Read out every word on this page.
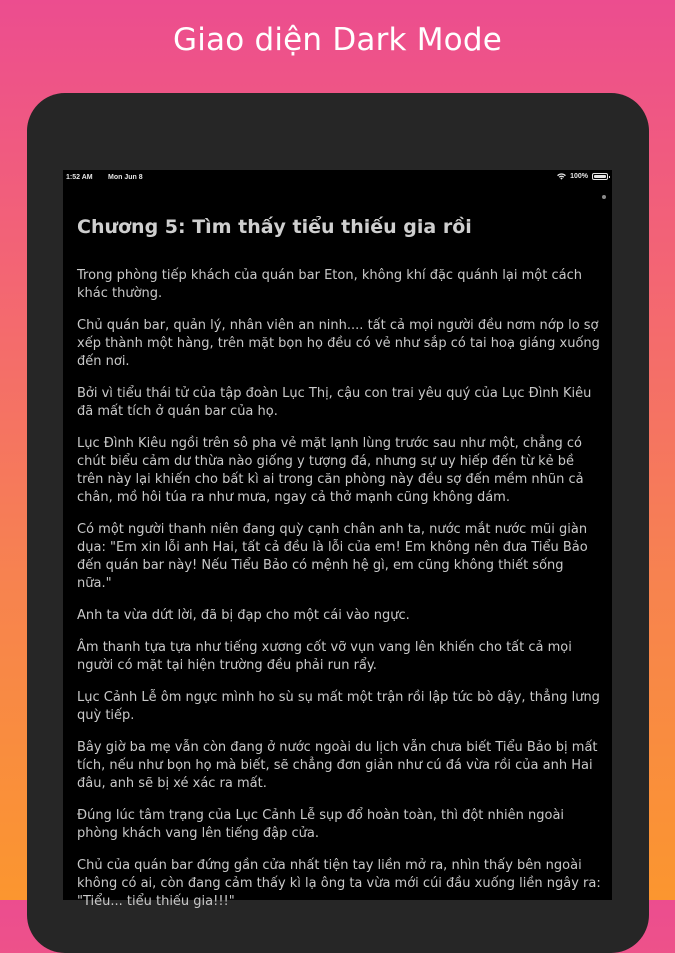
Giao diện Dark Mode
1:52 AM Mon Jun 8	100%
Chương 5: Tìm thấy tiểu thiếu gia rồi

Trong phòng tiếp khách của quán bar Eton, không khí đặc quánh lại một cách khác thường.

Chủ quán bar, quản lý, nhân viên an ninh.... tất cả mọi người đều nơm nớp lo sợ xếp thành một hàng, trên mặt bọn họ đều có vẻ như sắp có tai hoạ giáng xuống đến nơi.

Bởi vì tiểu thái tử của tập đoàn Lục Thị, cậu con trai yêu quý của Lục Đình Kiêu đã mất tích ở quán bar của họ.

Lục Đình Kiêu ngồi trên sô pha vẻ mặt lạnh lùng trước sau như một, chẳng có chút biểu cảm dư thừa nào giống y tượng đá, nhưng sự uy hiếp đến từ kẻ bề trên này lại khiến cho bất kì ai trong căn phòng này đều sợ đến mềm nhũn cả chân, mồ hôi túa ra như mưa, ngay cả thở mạnh cũng không dám.

Có một người thanh niên đang quỳ cạnh chân anh ta, nước mắt nước mũi giàn dụa: "Em xin lỗi anh Hai, tất cả đều là lỗi của em! Em không nên đưa Tiểu Bảo đến quán bar này! Nếu Tiểu Bảo có mệnh hệ gì, em cũng không thiết sống nữa."

Anh ta vừa dứt lời, đã bị đạp cho một cái vào ngực.

Âm thanh tựa tựa như tiếng xương cốt vỡ vụn vang lên khiến cho tất cả mọi người có mặt tại hiện trường đều phải run rẩy.

Lục Cảnh Lễ ôm ngực mình ho sù sụ mất một trận rồi lập tức bò dậy, thẳng lưng quỳ tiếp.

Bây giờ ba mẹ vẫn còn đang ở nước ngoài du lịch vẫn chưa biết Tiểu Bảo bị mất tích, nếu như bọn họ mà biết, sẽ chẳng đơn giản như cú đá vừa rồi của anh Hai đâu, anh sẽ bị xé xác ra mất.

Đúng lúc tâm trạng của Lục Cảnh Lễ sụp đổ hoàn toàn, thì đột nhiên ngoài phòng khách vang lên tiếng đập cửa.

Chủ của quán bar đứng gần cửa nhất tiện tay liền mở ra, nhìn thấy bên ngoài không có ai, còn đang cảm thấy kì lạ ông ta vừa mới cúi đầu xuống liền ngây ra: "Tiểu... tiểu thiếu gia!!!"
